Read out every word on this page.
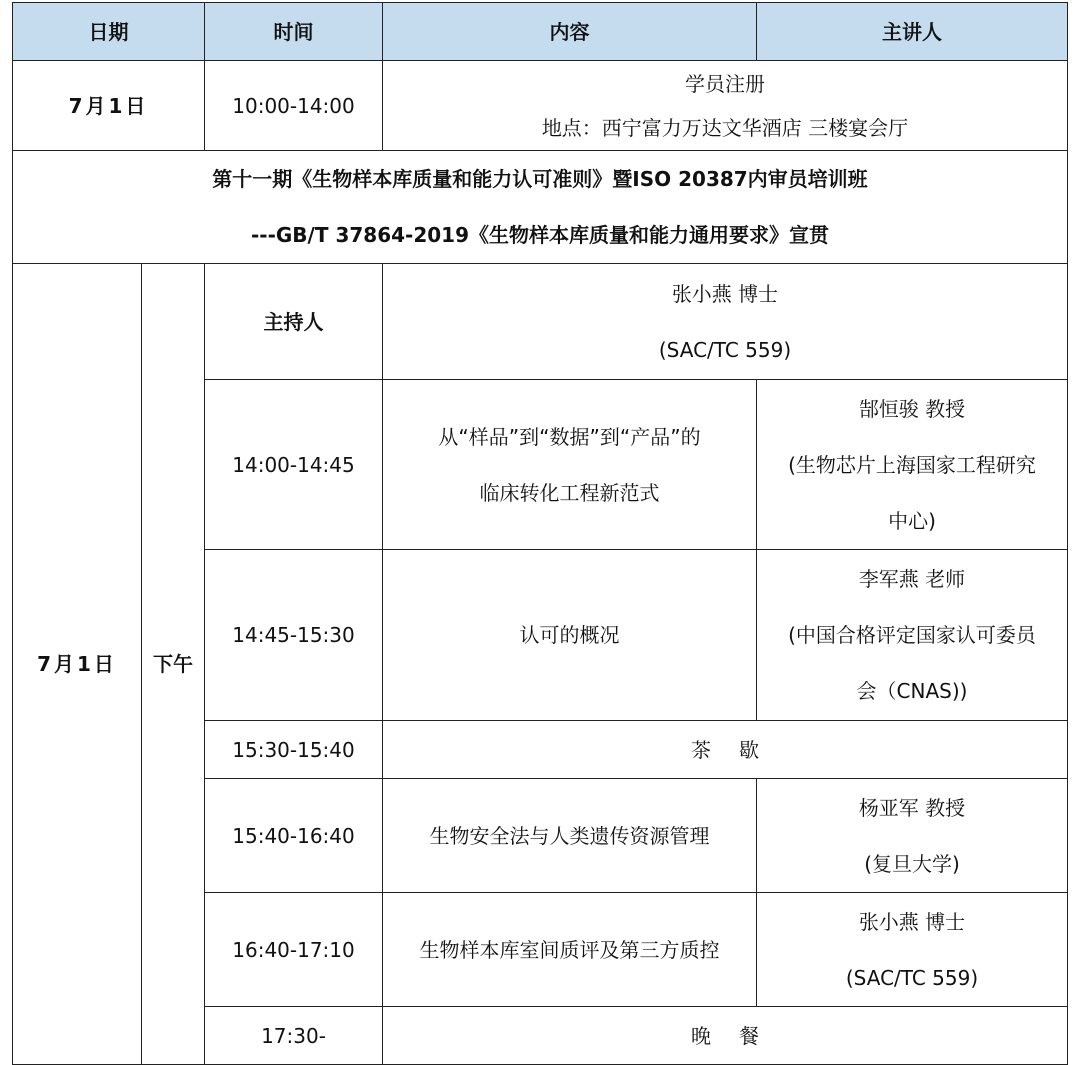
日期		时间	内容	主讲人
7月1日		10:00-14:00	学员注册
地点：西宁富力万达文华酒店 三楼宴会厅	

第十一期《生物样本库质量和能力认可准则》暨ISO 20387内审员培训班
---GB/T 37864-2019《生物样本库质量和能力通用要求》宣贯				

7月1日	下午	主持人	张小燕 博士
(SAC/TC 559)	

		14:00-14:45	从“样品”到“数据”到“产品”的
临床转化工程新范式	郜恒骏 教授
(生物芯片上海国家工程研究
中心)

		14:45-15:30	认可的概况	李军燕 老师
(中国合格评定国家认可委员
会（CNAS))

		15:30-15:40	茶歇	
		15:40-16:40	生物安全法与人类遗传资源管理	杨亚军 教授
(复旦大学)

		16:40-17:10	生物样本库室间质评及第三方质控	张小燕 博士
(SAC/TC 559)

		17:30-	晚餐	
